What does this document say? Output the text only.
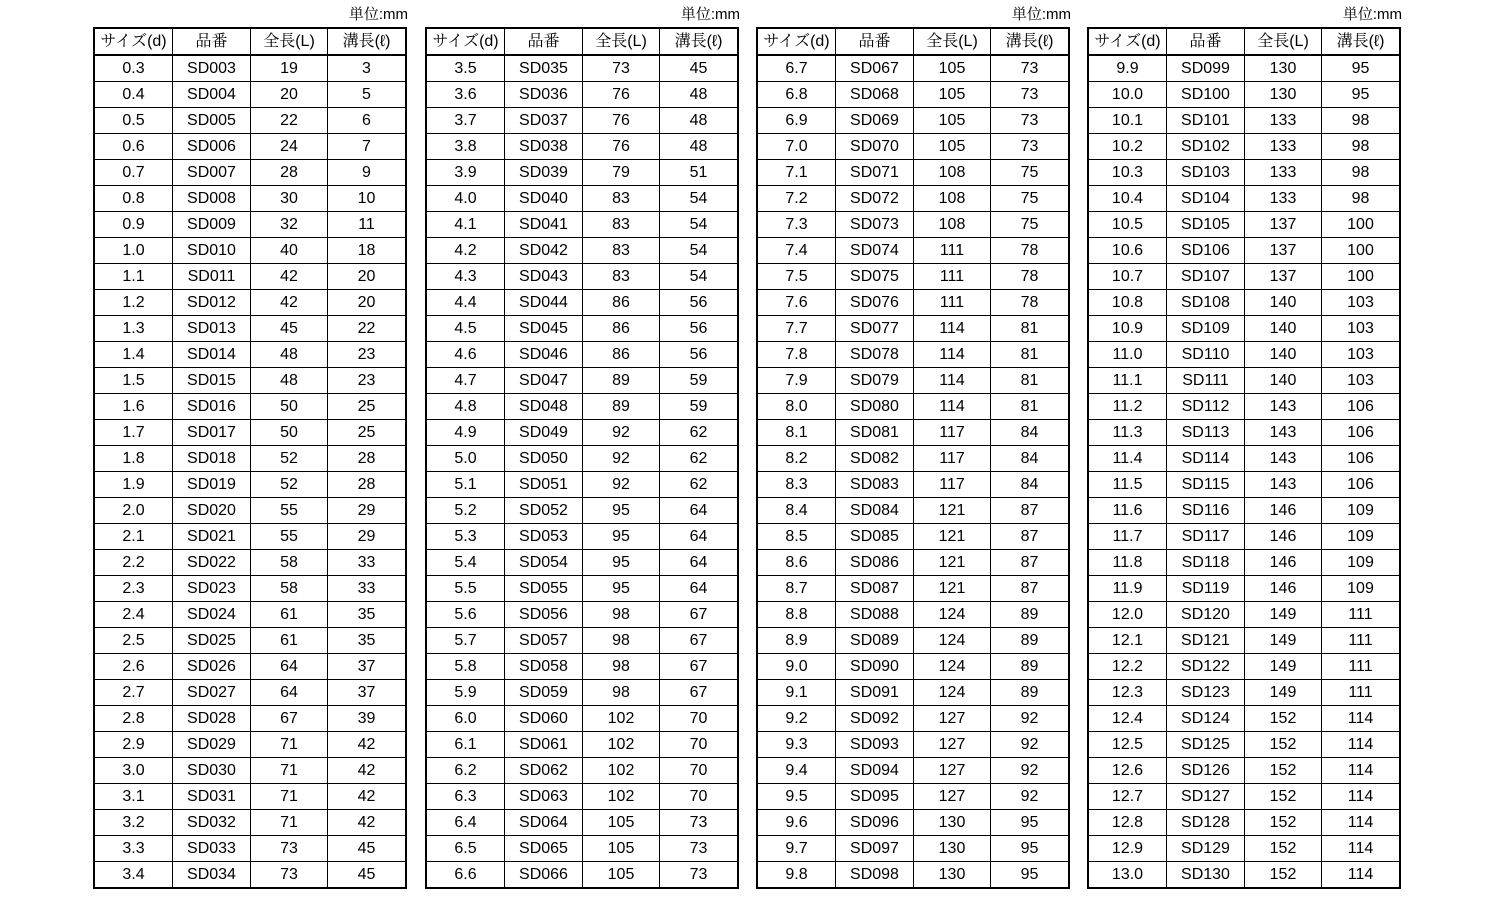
単位:mm
サイズ(d)	品番	全長(L)	溝長(ℓ)
0.3	SD003	19	3
0.4	SD004	20	5
0.5	SD005	22	6
0.6	SD006	24	7
0.7	SD007	28	9
0.8	SD008	30	10
0.9	SD009	32	11
1.0	SD010	40	18
1.1	SD011	42	20
1.2	SD012	42	20
1.3	SD013	45	22
1.4	SD014	48	23
1.5	SD015	48	23
1.6	SD016	50	25
1.7	SD017	50	25
1.8	SD018	52	28
1.9	SD019	52	28
2.0	SD020	55	29
2.1	SD021	55	29
2.2	SD022	58	33
2.3	SD023	58	33
2.4	SD024	61	35
2.5	SD025	61	35
2.6	SD026	64	37
2.7	SD027	64	37
2.8	SD028	67	39
2.9	SD029	71	42
3.0	SD030	71	42
3.1	SD031	71	42
3.2	SD032	71	42
3.3	SD033	73	45
3.4	SD034	73	45
単位:mm
サイズ(d)	品番	全長(L)	溝長(ℓ)
3.5	SD035	73	45
3.6	SD036	76	48
3.7	SD037	76	48
3.8	SD038	76	48
3.9	SD039	79	51
4.0	SD040	83	54
4.1	SD041	83	54
4.2	SD042	83	54
4.3	SD043	83	54
4.4	SD044	86	56
4.5	SD045	86	56
4.6	SD046	86	56
4.7	SD047	89	59
4.8	SD048	89	59
4.9	SD049	92	62
5.0	SD050	92	62
5.1	SD051	92	62
5.2	SD052	95	64
5.3	SD053	95	64
5.4	SD054	95	64
5.5	SD055	95	64
5.6	SD056	98	67
5.7	SD057	98	67
5.8	SD058	98	67
5.9	SD059	98	67
6.0	SD060	102	70
6.1	SD061	102	70
6.2	SD062	102	70
6.3	SD063	102	70
6.4	SD064	105	73
6.5	SD065	105	73
6.6	SD066	105	73
単位:mm
サイズ(d)	品番	全長(L)	溝長(ℓ)
6.7	SD067	105	73
6.8	SD068	105	73
6.9	SD069	105	73
7.0	SD070	105	73
7.1	SD071	108	75
7.2	SD072	108	75
7.3	SD073	108	75
7.4	SD074	111	78
7.5	SD075	111	78
7.6	SD076	111	78
7.7	SD077	114	81
7.8	SD078	114	81
7.9	SD079	114	81
8.0	SD080	114	81
8.1	SD081	117	84
8.2	SD082	117	84
8.3	SD083	117	84
8.4	SD084	121	87
8.5	SD085	121	87
8.6	SD086	121	87
8.7	SD087	121	87
8.8	SD088	124	89
8.9	SD089	124	89
9.0	SD090	124	89
9.1	SD091	124	89
9.2	SD092	127	92
9.3	SD093	127	92
9.4	SD094	127	92
9.5	SD095	127	92
9.6	SD096	130	95
9.7	SD097	130	95
9.8	SD098	130	95
単位:mm
サイズ(d)	品番	全長(L)	溝長(ℓ)
9.9	SD099	130	95
10.0	SD100	130	95
10.1	SD101	133	98
10.2	SD102	133	98
10.3	SD103	133	98
10.4	SD104	133	98
10.5	SD105	137	100
10.6	SD106	137	100
10.7	SD107	137	100
10.8	SD108	140	103
10.9	SD109	140	103
11.0	SD110	140	103
11.1	SD111	140	103
11.2	SD112	143	106
11.3	SD113	143	106
11.4	SD114	143	106
11.5	SD115	143	106
11.6	SD116	146	109
11.7	SD117	146	109
11.8	SD118	146	109
11.9	SD119	146	109
12.0	SD120	149	111
12.1	SD121	149	111
12.2	SD122	149	111
12.3	SD123	149	111
12.4	SD124	152	114
12.5	SD125	152	114
12.6	SD126	152	114
12.7	SD127	152	114
12.8	SD128	152	114
12.9	SD129	152	114
13.0	SD130	152	114
